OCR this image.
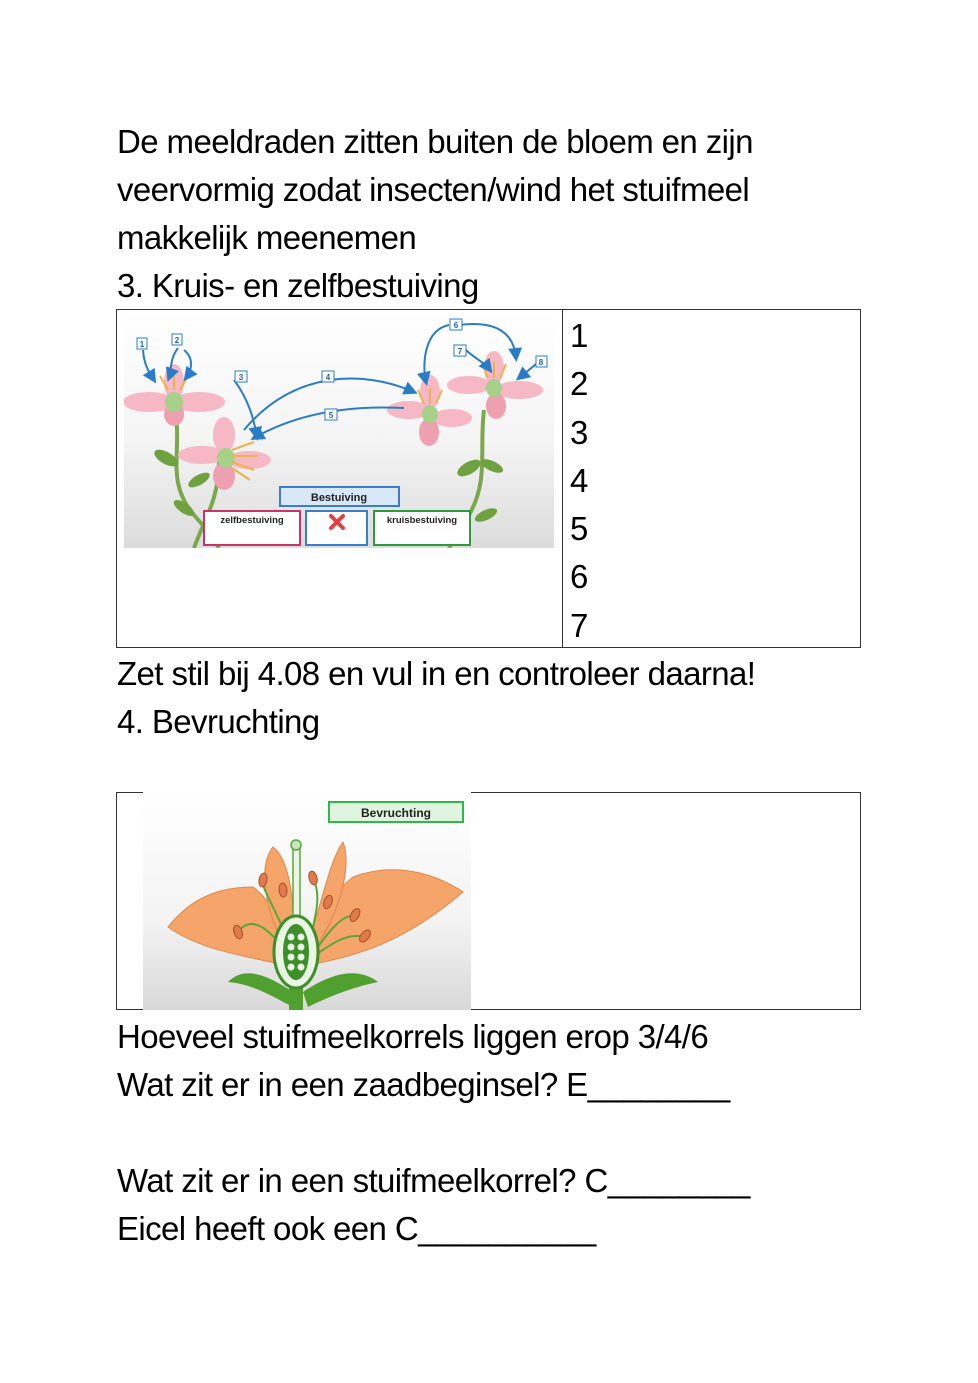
De meeldraden zitten buiten de bloem en zijn
veervormig zodat insecten/wind het stuifmeel
makkelijk meenemen
3. Kruis- en zelfbestuiving
1	2
3	4
5
6
7
8
Bestuiving
zelfbestuiving	kruisbestuiving
1
2
3
4
5
6
7
Zet stil bij 4.08 en vul in en controleer daarna!
4. Bevruchting
Bevruchting
Hoeveel stuifmeelkorrels liggen erop 3/4/6
Wat zit er in een zaadbeginsel? E________
Wat zit er in een stuifmeelkorrel? C________
Eicel heeft ook een C__________
